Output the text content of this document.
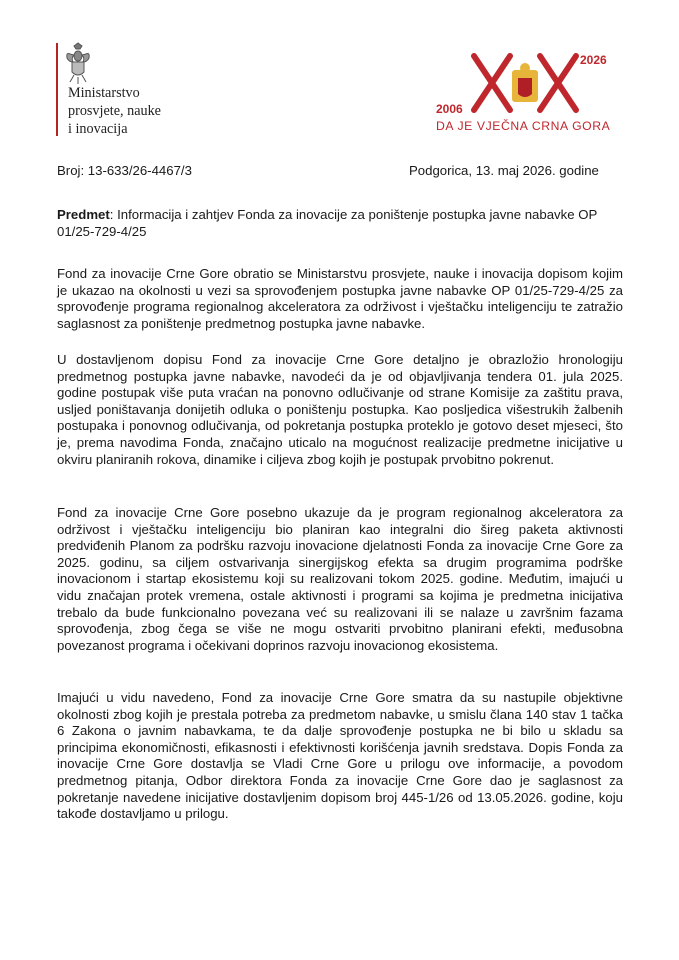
Ministarstvo
prosvjete, nauke
i inovacija
2006
2026
DA JE VJEČNA CRNA GORA
Broj: 13-633/26-4467/3	Podgorica, 13. maj 2026. godine
Predmet: Informacija i zahtjev Fonda za inovacije za poništenje postupka javne nabavke OP 01/25-729-4/25
Fond za inovacije Crne Gore obratio se Ministarstvu prosvjete, nauke i inovacija dopisom kojim je ukazao na okolnosti u vezi sa sprovođenjem postupka javne nabavke OP 01/25-729-4/25 za sprovođenje programa regionalnog akceleratora za održivost i vještačku inteligenciju te zatražio saglasnost za poništenje predmetnog postupka javne nabavke.
U dostavljenom dopisu Fond za inovacije Crne Gore detaljno je obrazložio hronologiju predmetnog postupka javne nabavke, navodeći da je od objavljivanja tendera 01. jula 2025. godine postupak više puta vraćan na ponovno odlučivanje od strane Komisije za zaštitu prava, usljed poništavanja donijetih odluka o poništenju postupka. Kao posljedica višestrukih žalbenih postupaka i ponovnog odlučivanja, od pokretanja postupka proteklo je gotovo deset mjeseci, što je, prema navodima Fonda, značajno uticalo na mogućnost realizacije predmetne inicijative u okviru planiranih rokova, dinamike i ciljeva zbog kojih je postupak prvobitno pokrenut.
Fond za inovacije Crne Gore posebno ukazuje da je program regionalnog akceleratora za održivost i vještačku inteligenciju bio planiran kao integralni dio šireg paketa aktivnosti predviđenih Planom za podršku razvoju inovacione djelatnosti Fonda za inovacije Crne Gore za 2025. godinu, sa ciljem ostvarivanja sinergijskog efekta sa drugim programima podrške inovacionom i startap ekosistemu koji su realizovani tokom 2025. godine. Međutim, imajući u vidu značajan protek vremena, ostale aktivnosti i programi sa kojima je predmetna inicijativa trebalo da bude funkcionalno povezana već su realizovani ili se nalaze u završnim fazama sprovođenja, zbog čega se više ne mogu ostvariti prvobitno planirani efekti, međusobna povezanost programa i očekivani doprinos razvoju inovacionog ekosistema.
Imajući u vidu navedeno, Fond za inovacije Crne Gore smatra da su nastupile objektivne okolnosti zbog kojih je prestala potreba za predmetom nabavke, u smislu člana 140 stav 1 tačka 6 Zakona o javnim nabavkama, te da dalje sprovođenje postupka ne bi bilo u skladu sa principima ekonomičnosti, efikasnosti i efektivnosti korišćenja javnih sredstava. Dopis Fonda za inovacije Crne Gore dostavlja se Vladi Crne Gore u prilogu ove informacije, a povodom predmetnog pitanja, Odbor direktora Fonda za inovacije Crne Gore dao je saglasnost za pokretanje navedene inicijative dostavljenim dopisom broj 445-1/26 od 13.05.2026. godine, koju takođe dostavljamo u prilogu.
